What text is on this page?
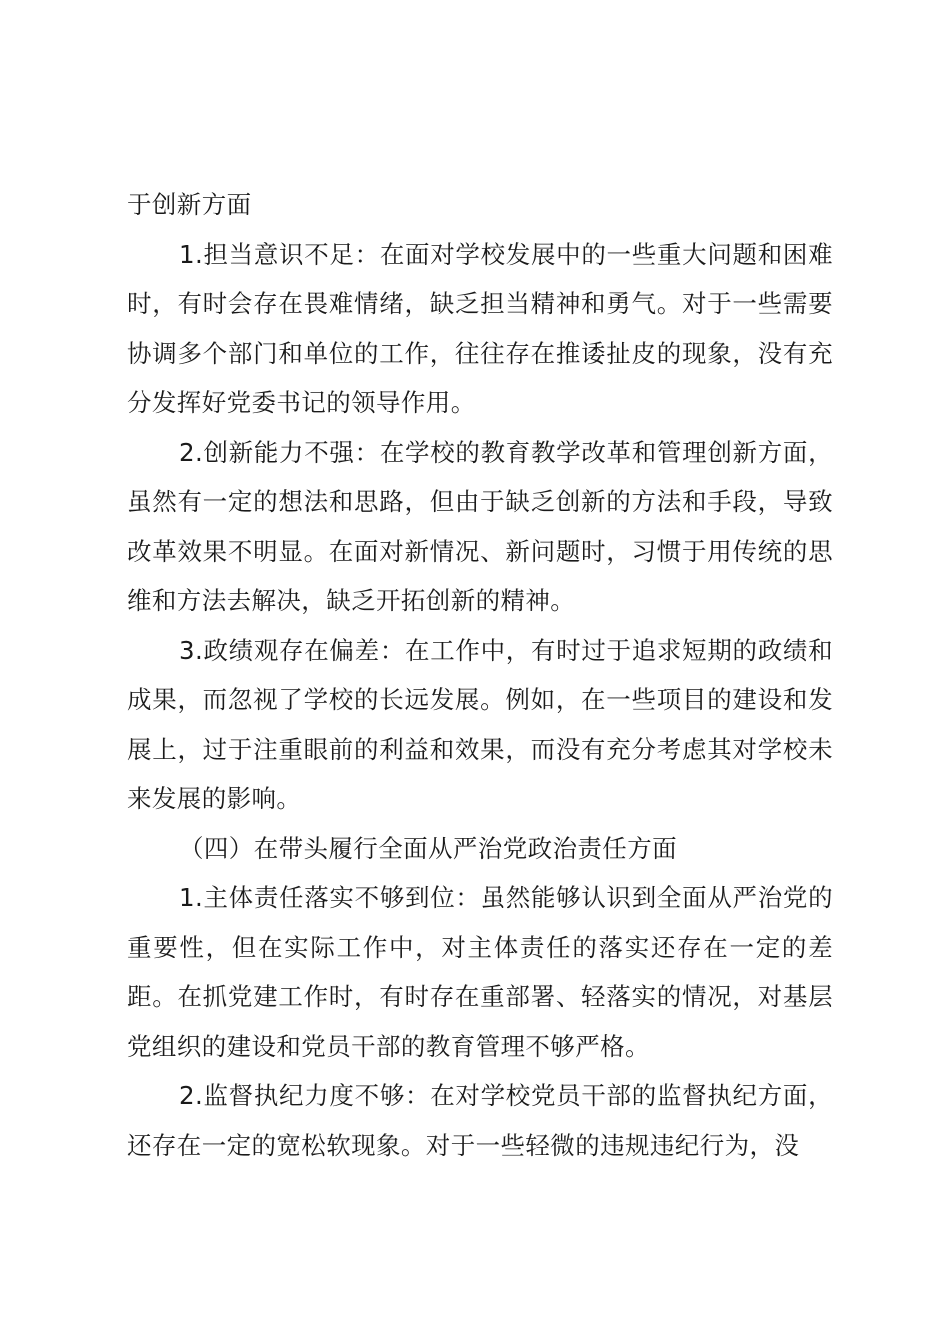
于创新方面

1.担当意识不足：在面对学校发展中的一些重大问题和困难时，有时会存在畏难情绪，缺乏担当精神和勇气。对于一些需要协调多个部门和单位的工作，往往存在推诿扯皮的现象，没有充分发挥好党委书记的领导作用。

2.创新能力不强：在学校的教育教学改革和管理创新方面，虽然有一定的想法和思路，但由于缺乏创新的方法和手段，导致改革效果不明显。在面对新情况、新问题时，习惯于用传统的思维和方法去解决，缺乏开拓创新的精神。

3.政绩观存在偏差：在工作中，有时过于追求短期的政绩和成果，而忽视了学校的长远发展。例如，在一些项目的建设和发展上，过于注重眼前的利益和效果，而没有充分考虑其对学校未来发展的影响。

（四）在带头履行全面从严治党政治责任方面

1.主体责任落实不够到位：虽然能够认识到全面从严治党的重要性，但在实际工作中，对主体责任的落实还存在一定的差距。在抓党建工作时，有时存在重部署、轻落实的情况，对基层党组织的建设和党员干部的教育管理不够严格。

2.监督执纪力度不够：在对学校党员干部的监督执纪方面，还存在一定的宽松软现象。对于一些轻微的违规违纪行为，没
